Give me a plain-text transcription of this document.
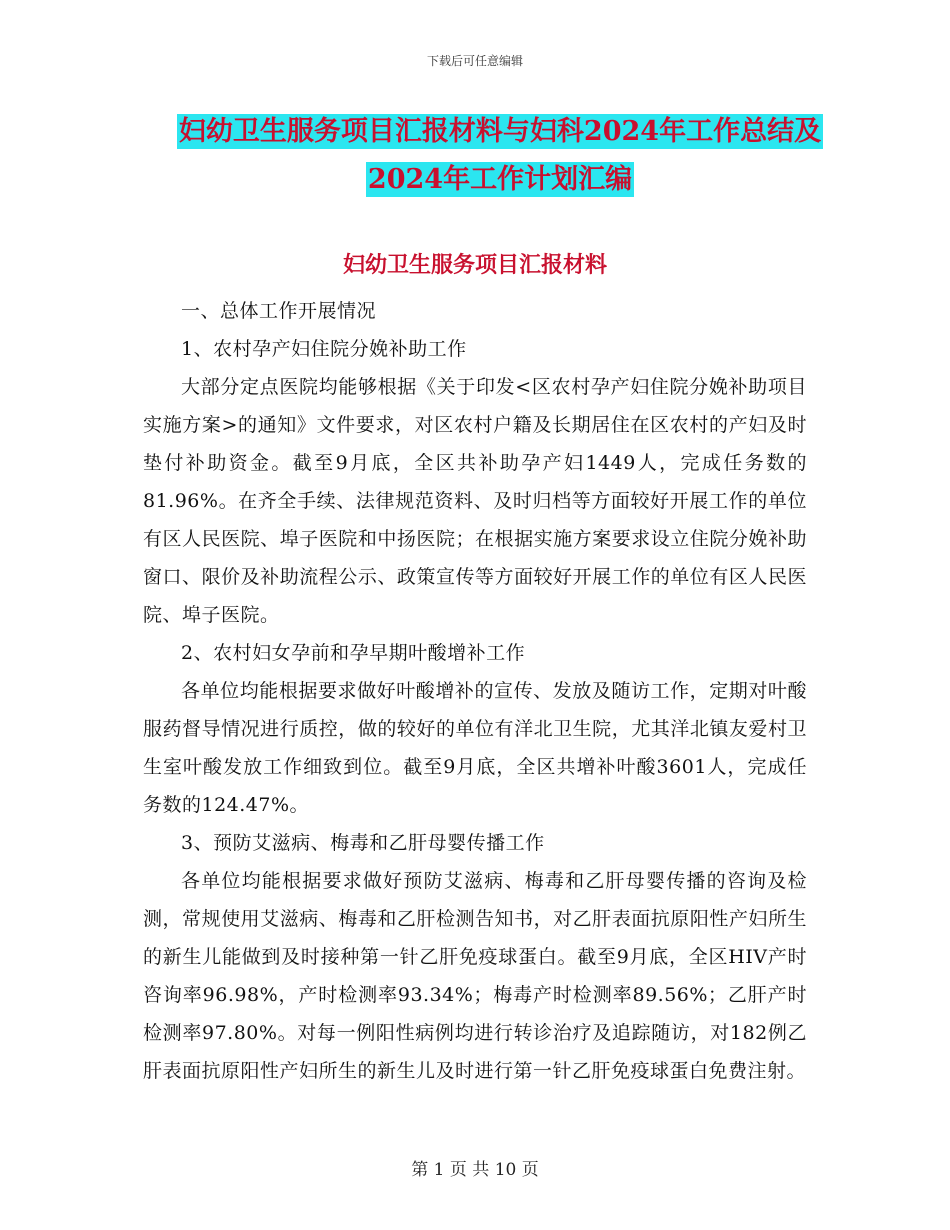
下载后可任意编辑
妇幼卫生服务项目汇报材料与妇科2024年工作总结及
2024年工作计划汇编
妇幼卫生服务项目汇报材料

一、总体工作开展情况

1、农村孕产妇住院分娩补助工作

大部分定点医院均能够根据《关于印发<区农村孕产妇住院分娩补助项目实施方案>的通知》文件要求，对区农村户籍及长期居住在区农村的产妇及时垫付补助资金。截至9月底，全区共补助孕产妇1449人，完成任务数的81.96%。在齐全手续、法律规范资料、及时归档等方面较好开展工作的单位有区人民医院、埠子医院和中扬医院；在根据实施方案要求设立住院分娩补助窗口、限价及补助流程公示、政策宣传等方面较好开展工作的单位有区人民医院、埠子医院。

2、农村妇女孕前和孕早期叶酸增补工作

各单位均能根据要求做好叶酸增补的宣传、发放及随访工作，定期对叶酸服药督导情况进行质控，做的较好的单位有洋北卫生院，尤其洋北镇友爱村卫生室叶酸发放工作细致到位。截至9月底，全区共增补叶酸3601人，完成任务数的124.47%。

3、预防艾滋病、梅毒和乙肝母婴传播工作

各单位均能根据要求做好预防艾滋病、梅毒和乙肝母婴传播的咨询及检测，常规使用艾滋病、梅毒和乙肝检测告知书，对乙肝表面抗原阳性产妇所生的新生儿能做到及时接种第一针乙肝免疫球蛋白。截至9月底，全区HIV产时咨询率96.98%，产时检测率93.34%；梅毒产时检测率89.56%；乙肝产时检测率97.80%。对每一例阳性病例均进行转诊治疗及追踪随访，对182例乙肝表面抗原阳性产妇所生的新生儿及时进行第一针乙肝免疫球蛋白免费注射。

第 1 页 共 10 页
